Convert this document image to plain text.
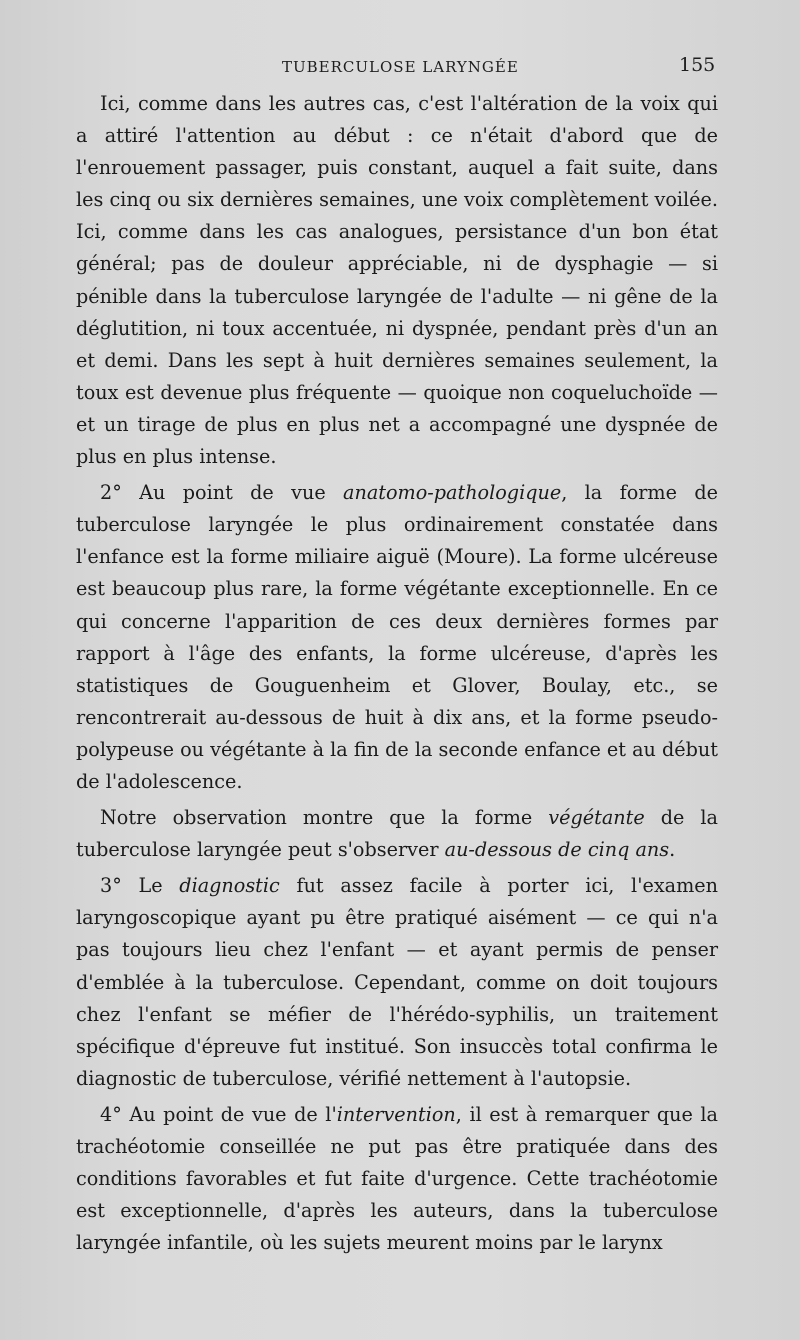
TUBERCULOSE LARYNGÉE	155

Ici, comme dans les autres cas, c'est l'altération de la voix qui a attiré l'attention au début : ce n'était d'abord que de l'enrouement passager, puis constant, auquel a fait suite, dans les cinq ou six dernières semaines, une voix complètement voilée. Ici, comme dans les cas analogues, persistance d'un bon état général; pas de douleur appréciable, ni de dysphagie — si pénible dans la tuberculose laryngée de l'adulte — ni gêne de la déglutition, ni toux accentuée, ni dyspnée, pendant près d'un an et demi. Dans les sept à huit dernières semaines seulement, la toux est devenue plus fréquente — quoique non coqueluchoïde — et un tirage de plus en plus net a accompagné une dyspnée de plus en plus intense.

2° Au point de vue anatomo-pathologique, la forme de tuberculose laryngée le plus ordinairement constatée dans l'enfance est la forme miliaire aiguë (Moure). La forme ulcéreuse est beaucoup plus rare, la forme végétante exceptionnelle. En ce qui concerne l'apparition de ces deux dernières formes par rapport à l'âge des enfants, la forme ulcéreuse, d'après les statistiques de Gouguenheim et Glover, Boulay, etc., se rencontrerait au-dessous de huit à dix ans, et la forme pseudo-polypeuse ou végétante à la fin de la seconde enfance et au début de l'adolescence.

Notre observation montre que la forme végétante de la tuberculose laryngée peut s'observer au-dessous de cinq ans.

3° Le diagnostic fut assez facile à porter ici, l'examen laryngoscopique ayant pu être pratiqué aisément — ce qui n'a pas toujours lieu chez l'enfant — et ayant permis de penser d'emblée à la tuberculose. Cependant, comme on doit toujours chez l'enfant se méfier de l'hérédo-syphilis, un traitement spécifique d'épreuve fut institué. Son insuccès total confirma le diagnostic de tuberculose, vérifié nettement à l'autopsie.

4° Au point de vue de l'intervention, il est à remarquer que la trachéotomie conseillée ne put pas être pratiquée dans des conditions favorables et fut faite d'urgence. Cette trachéotomie est exceptionnelle, d'après les auteurs, dans la tuberculose laryngée infantile, où les sujets meurent moins par le larynx
